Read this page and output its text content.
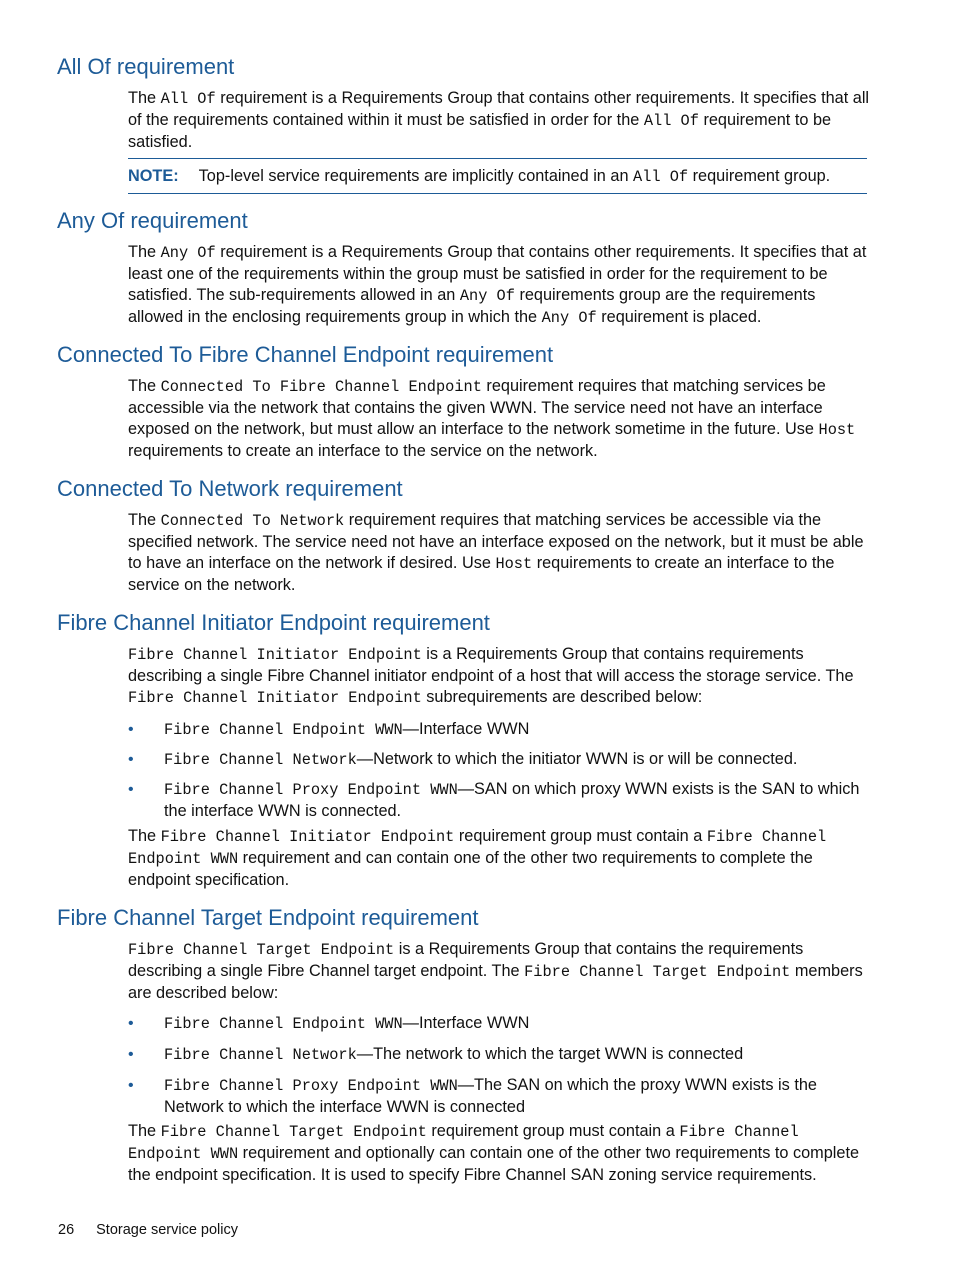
All Of requirement

The All Of requirement is a Requirements Group that contains other requirements. It specifies that all of the requirements contained within it must be satisfied in order for the All Of requirement to be satisfied.

NOTE: Top-level service requirements are implicitly contained in an All Of requirement group.
Any Of requirement

The Any Of requirement is a Requirements Group that contains other requirements. It specifies that at least one of the requirements within the group must be satisfied in order for the requirement to be satisfied. The sub-requirements allowed in an Any Of requirements group are the requirements allowed in the enclosing requirements group in which the Any Of requirement is placed.

Connected To Fibre Channel Endpoint requirement

The Connected To Fibre Channel Endpoint requirement requires that matching services be accessible via the network that contains the given WWN. The service need not have an interface exposed on the network, but must allow an interface to the network sometime in the future. Use Host requirements to create an interface to the service on the network.

Connected To Network requirement

The Connected To Network requirement requires that matching services be accessible via the specified network. The service need not have an interface exposed on the network, but it must be able to have an interface on the network if desired. Use Host requirements to create an interface to the service on the network.

Fibre Channel Initiator Endpoint requirement

Fibre Channel Initiator Endpoint is a Requirements Group that contains requirements describing a single Fibre Channel initiator endpoint of a host that will access the storage service. The Fibre Channel Initiator Endpoint subrequirements are described below:

• Fibre Channel Endpoint WWN—Interface WWN
• Fibre Channel Network—Network to which the initiator WWN is or will be connected.
• Fibre Channel Proxy Endpoint WWN—SAN on which proxy WWN exists is the SAN to which the interface WWN is connected.

The Fibre Channel Initiator Endpoint requirement group must contain a Fibre Channel Endpoint WWN requirement and can contain one of the other two requirements to complete the endpoint specification.

Fibre Channel Target Endpoint requirement

Fibre Channel Target Endpoint is a Requirements Group that contains the requirements describing a single Fibre Channel target endpoint. The Fibre Channel Target Endpoint members are described below:

• Fibre Channel Endpoint WWN—Interface WWN
• Fibre Channel Network—The network to which the target WWN is connected
• Fibre Channel Proxy Endpoint WWN—The SAN on which the proxy WWN exists is the Network to which the interface WWN is connected

The Fibre Channel Target Endpoint requirement group must contain a Fibre Channel Endpoint WWN requirement and optionally can contain one of the other two requirements to complete the endpoint specification. It is used to specify Fibre Channel SAN zoning service requirements.

26 Storage service policy
